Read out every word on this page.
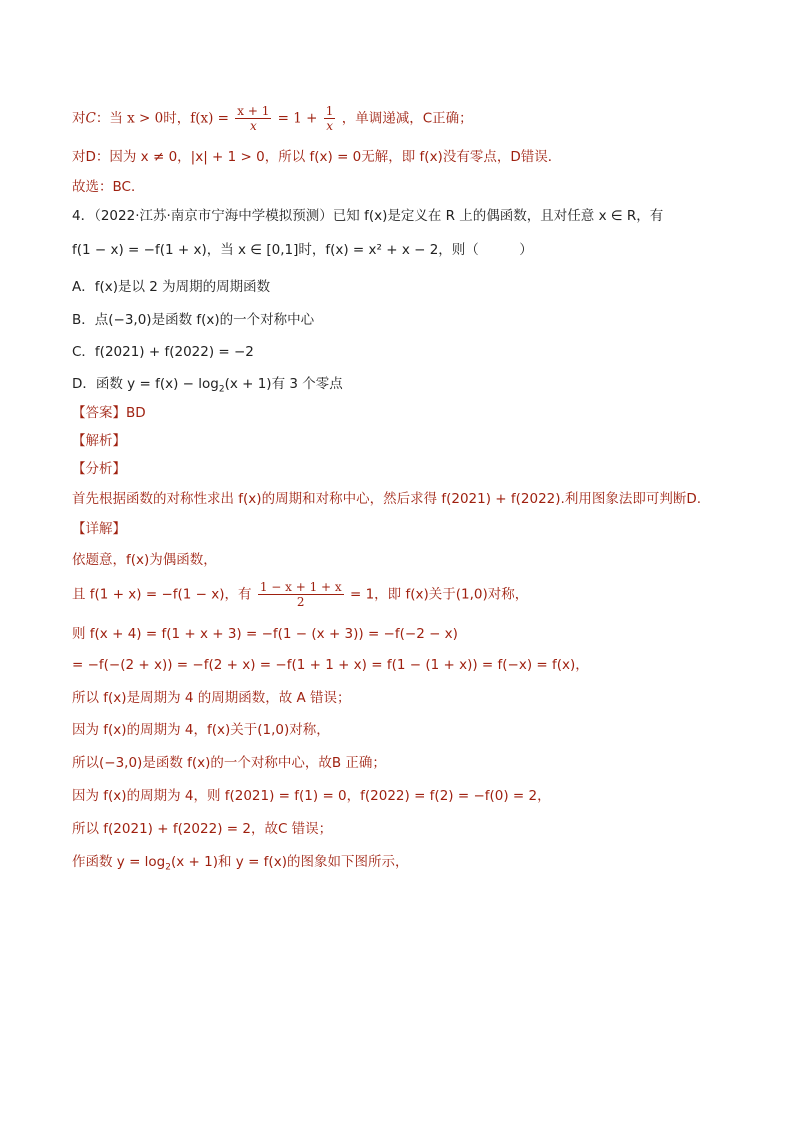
对C：当 x > 0时，$f(x) = \frac{x + 1}{x} = 1 + \frac{1}{x}$ ，单调递减，C正确；
对D：因为 x ≠ 0，|x| + 1 > 0，所以 f(x) = 0无解，即 f(x)没有零点，D错误．
故选：BC．
4．（2022·江苏·南京市宁海中学模拟预测）已知 f(x)是定义在 R 上的偶函数，且对任意 x ∈ R，有
f(1 − x) = −f(1 + x)，当 x ∈ [0,1]时，f(x) = x² + x − 2，则（　　　）
A．f(x)是以 2 为周期的周期函数
B．点(−3,0)是函数 f(x)的一个对称中心
C．f(2021) + f(2022) = −2
D．函数 $y = f(x) - \log_2(x + 1)$有 3 个零点
【答案】BD
【解析】
【分析】
首先根据函数的对称性求出 f(x)的周期和对称中心，然后求得 f(2021) + f(2022).利用图象法即可判断D.
【详解】
依题意，f(x)为偶函数，
且 f(1 + x) = −f(1 − x)，有 $\frac{1 - x + 1 + x}{2} = 1$，即 f(x)关于(1,0)对称，
则 f(x + 4) = f(1 + x + 3) = −f(1 − (x + 3)) = −f(−2 − x)
= −f(−(2 + x)) = −f(2 + x) = −f(1 + 1 + x) = f(1 − (1 + x)) = f(−x) = f(x)，
所以 f(x)是周期为 4 的周期函数，故 A 错误；
因为 f(x)的周期为 4，f(x)关于(1,0)对称，
所以(−3,0)是函数 f(x)的一个对称中心，故B 正确；
因为 f(x)的周期为 4，则 f(2021) = f(1) = 0，f(2022) = f(2) = −f(0) = 2，
所以 f(2021) + f(2022) = 2，故C 错误；
作函数 $y = \log_2(x + 1)$和 y = f(x)的图象如下图所示，
